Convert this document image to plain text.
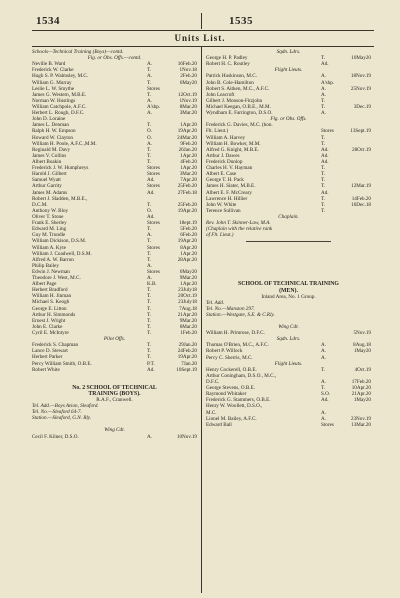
1534	1535
Units List.
Schools—Technical Training (Boys)—contd.
Flg. or Obs. Offs.—contd.
Neville B. Ward	A.	16Feb.20
Frederick W. Clarke	T.	1Nov.18
Hugh S. P. Walmsley, M.C.	A.	2Feb.20
William G. Murray	T.	6May20
Leslie L. W. Smythe	Stores
James G. Western, M.B.E.	T.	12Oct.19
Norman W. Hustings	A.	1Nov.19
William Catchpole, A.F.C.	A'shp.	8Mar.20
Herbert L. Rough, D.F.C.	A.	3Mar.20
John D. Loraine
James L. Denman	T.	1Apr.20
Ralph H. W. Empson	O.	19Apr.20
Howard W. Clayton	O.	24Mar.20
William H. Poole, A.F.C.,M.M.	A.	9Feb.20
Reginald M. Davy	T.	26Jan.20
James V. Collins	T.	1Apr.20
Albert Boakin	T.	4Feb.20
Frederick J. W. Humphreys	Stores	1Apr.20
Harold J. Gilbert	Stores	3Mar.20
Samuel Wyatt	Ad.	7Apr.20
Arthur Garrity	Stores	25Feb.20
James M. Adams	Ad.	27Feb.18
Robert J. Sladden, M.B.E.,
D.C.M.	T.	25Feb.20
Anthony W. Bloy	O.	19Apr.20
Oliver T. Stone	Ad.
Frank E. Sherley	Stores	18ept.19
Edward M. Ling	T.	5Feb.20
Guy M. Trundle	A.	6Feb.20
William Dickison, D.S.M.	T.	19Apr.20
William A. Kyte	Stores	8Apr.20
William J. Coadwell, D.S.M.	T.	1Apr.20
Alfred A. W. Barron	T.	28Apr.20
Philip Bailey	A.
Edwin J. Newman	Stores	6May20
Theodore J. West, M.C.	A.	9Mar.20
Albert Page	K.B.	1Apr.20
Herbert Bradford	T.	23July18
William H. Jinman	T.	20Oct.19
Michael S. Keogh	T.	23July18
George E. Litton	T.	7Aug.18
Arthur H. Simmonds	T.	21Apr.20
Ernest J. Wright	T.	9Mar.20
John E. Clarke	T.	6Mar.20
Cyril E. McIntyre	T.	1Feb.20
Pilot Offs.
Frederick S. Chapman	T.	29Jan.20
Lance D. Stewart	T.	24Feb.20
Herbert Parker	T.	19Apr.20
Percy William Smith, O.B.E.	P.T.	7Jan.20
Robert White	Ad.	10Sept.19
No. 2 SCHOOL OF TECHNICAL
TRAINING (BOYS).
R.A.F., Cranwell.
Tel. Add.—Boys Avion, Sleaford.
Tel. No.—Sleaford 64-7.
Station.—Sleaford, G.N. Rly.
Wing Cdr.
Cecil F. Kilner, D.S.O.	A.	10Nov.19
Sqdn. Ldrs.
George H. P. Padley	T.	10May20
Robert H. C. Routley	Ad.
Flight Lieuts.
Patrick Huskinson, M.C.	A.	18Nov.19
John B. Cole-Hamilton	A'shp.
Robert S. Aitken, M.C., A.F.C.	A.	25Nov.19
John Leacroft	A.
Gilbert J. Monson-Fitzjohn	T.
Michael Keegan, O.B.E., M.M.	T.	3Dec.19
Wyndham E. Farrington, D.S.O.	A.
Flg. or Obs. Offs.
Frederick G. Davies, M.C. (hon.
Flt. Lieut.)	Stores	13Sept.19
William A. Harvey	T.
William H. Bowker, M.M.	T.
Alfred G. Knight, M.B.E.	Ad.	28Oct.19
Arthur J. Dawes	Ad.
Frederick Dunlop	Ad.
Charles H. V. Hayman	T.
Albert E. Case	T.
George T. H. Pack	T.
James H. Slater, M.B.E.	T.	12Mar.19
Albert E. F. McCreary	Ad.
Lawrence H. Hillier	T.	14Feb.20
John W. White	T.	16Dec.18
Terence Sullivan	T.
Chaplain.
Rev. John T. Skinner-Law, M.A.
(Chaplain with the relative rank
of Flt. Lieut.)
SCHOOL OF TECHNICAL TRAINING
(MEN).
Inland Area, No. 1 Group.
Tel. Add.
Tel. No.—Manston 297.
Station.—Westgate, S.E. & C.Rly.
Wing Cdr.
William H. Primrose, D.F.C.	5Nov.19
Sqdn. Ldrs.
Thomas O'Brien, M.C., A.F.C.	A.	8Aug.18
Robert P. Willock	A.	1May20
Percy C. Sherris, M.C.	A.
Flight Lieuts.
Henry Cockerell, O.B.E.	T.	4Oct.19
Arthur Coningham, D.S.O., M.C.,
D.F.C.	A.	17Feb.20
George Stevens, O.B.E.	T.	10Apr.20
Raymond Whitaker	S.O.	21Apr.20
Frederick G. Stammers, O.B.E.	Ad.	1May20
Henry W. Woollett, D.S.O.,
M.C.	A.
Lionel M. Bailey, A.F.C.	A.	23Nov.19
Edward Ball	Stores	13Mar.20
